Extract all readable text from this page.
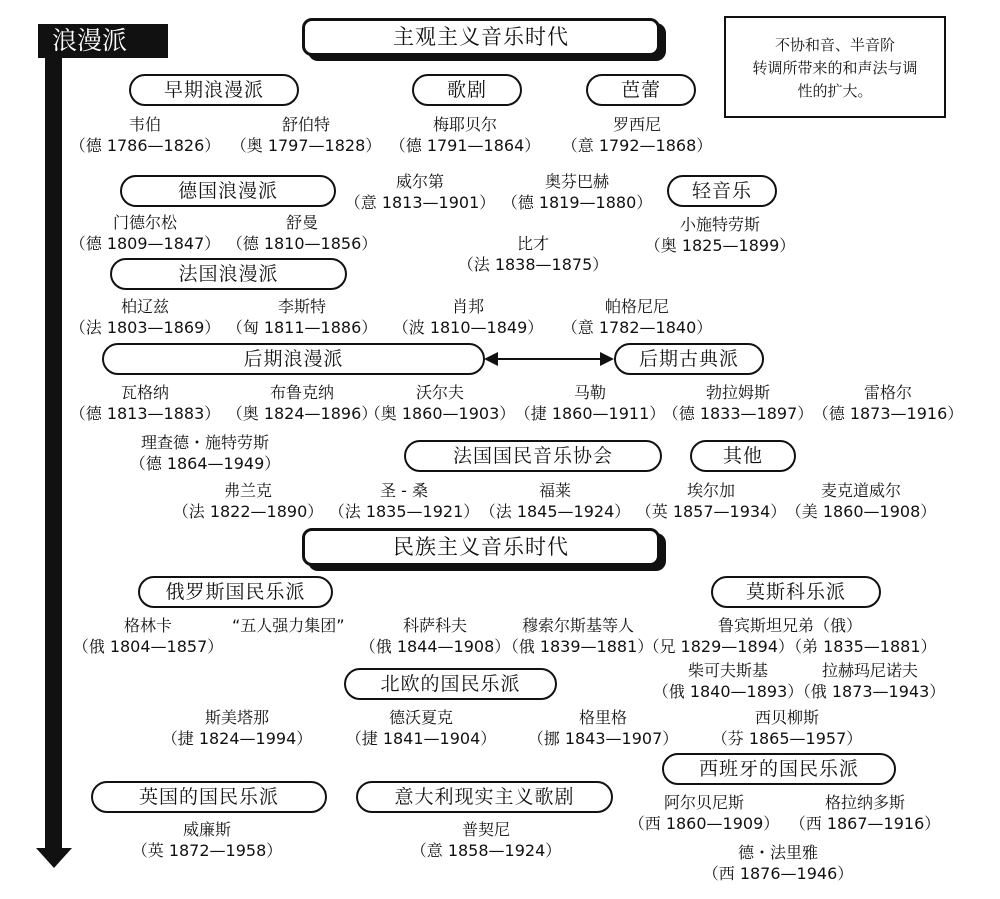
浪漫派	不协和音、半音阶
转调所带来的和声法与调
性的扩大。
主观主义音乐时代
民族主义音乐时代
早期浪漫派	歌剧	芭蕾
德国浪漫派	轻音乐
法国浪漫派
后期浪漫派	后期古典派
法国国民音乐协会	其他
俄罗斯国民乐派	莫斯科乐派
北欧的国民乐派
西班牙的国民乐派
英国的国民乐派	意大利现实主义歌剧
韦伯
（德 1786—1826）
舒伯特
（奥 1797—1828）
梅耶贝尔
（德 1791—1864）
罗西尼
（意 1792—1868）
威尔第
（意 1813—1901）
奥芬巴赫
（德 1819—1880）
门德尔松
（德 1809—1847）
舒曼
（德 1810—1856）
小施特劳斯
（奥 1825—1899）
比才
（法 1838—1875）
柏辽兹
（法 1803—1869）
李斯特
（匈 1811—1886）
肖邦
（波 1810—1849）
帕格尼尼
（意 1782—1840）
瓦格纳
（德 1813—1883）
布鲁克纳
（奥 1824—1896）
沃尔夫
（奥 1860—1903）
马勒
（捷 1860—1911）
勃拉姆斯
（德 1833—1897）
雷格尔
（德 1873—1916）
理查德・施特劳斯
（德 1864—1949）
弗兰克
（法 1822—1890）
圣 - 桑
（法 1835—1921）
福莱
（法 1845—1924）
埃尔加
（英 1857—1934）
麦克道威尔
（美 1860—1908）
格林卡
（俄 1804—1857）
“五人强力集团”	科萨科夫
（俄 1844—1908）
穆索尔斯基等人
（俄 1839—1881）
鲁宾斯坦兄弟（俄）
（兄 1829—1894）（弟 1835—1881）
柴可夫斯基
（俄 1840—1893）
拉赫玛尼诺夫
（俄 1873—1943）
斯美塔那
（捷 1824—1994）
德沃夏克
（捷 1841—1904）
格里格
（挪 1843—1907）
西贝柳斯
（芬 1865—1957）
威廉斯
（英 1872—1958）
普契尼
（意 1858—1924）
阿尔贝尼斯
（西 1860—1909）
格拉纳多斯
（西 1867—1916）
德・法里雅
（西 1876—1946）
